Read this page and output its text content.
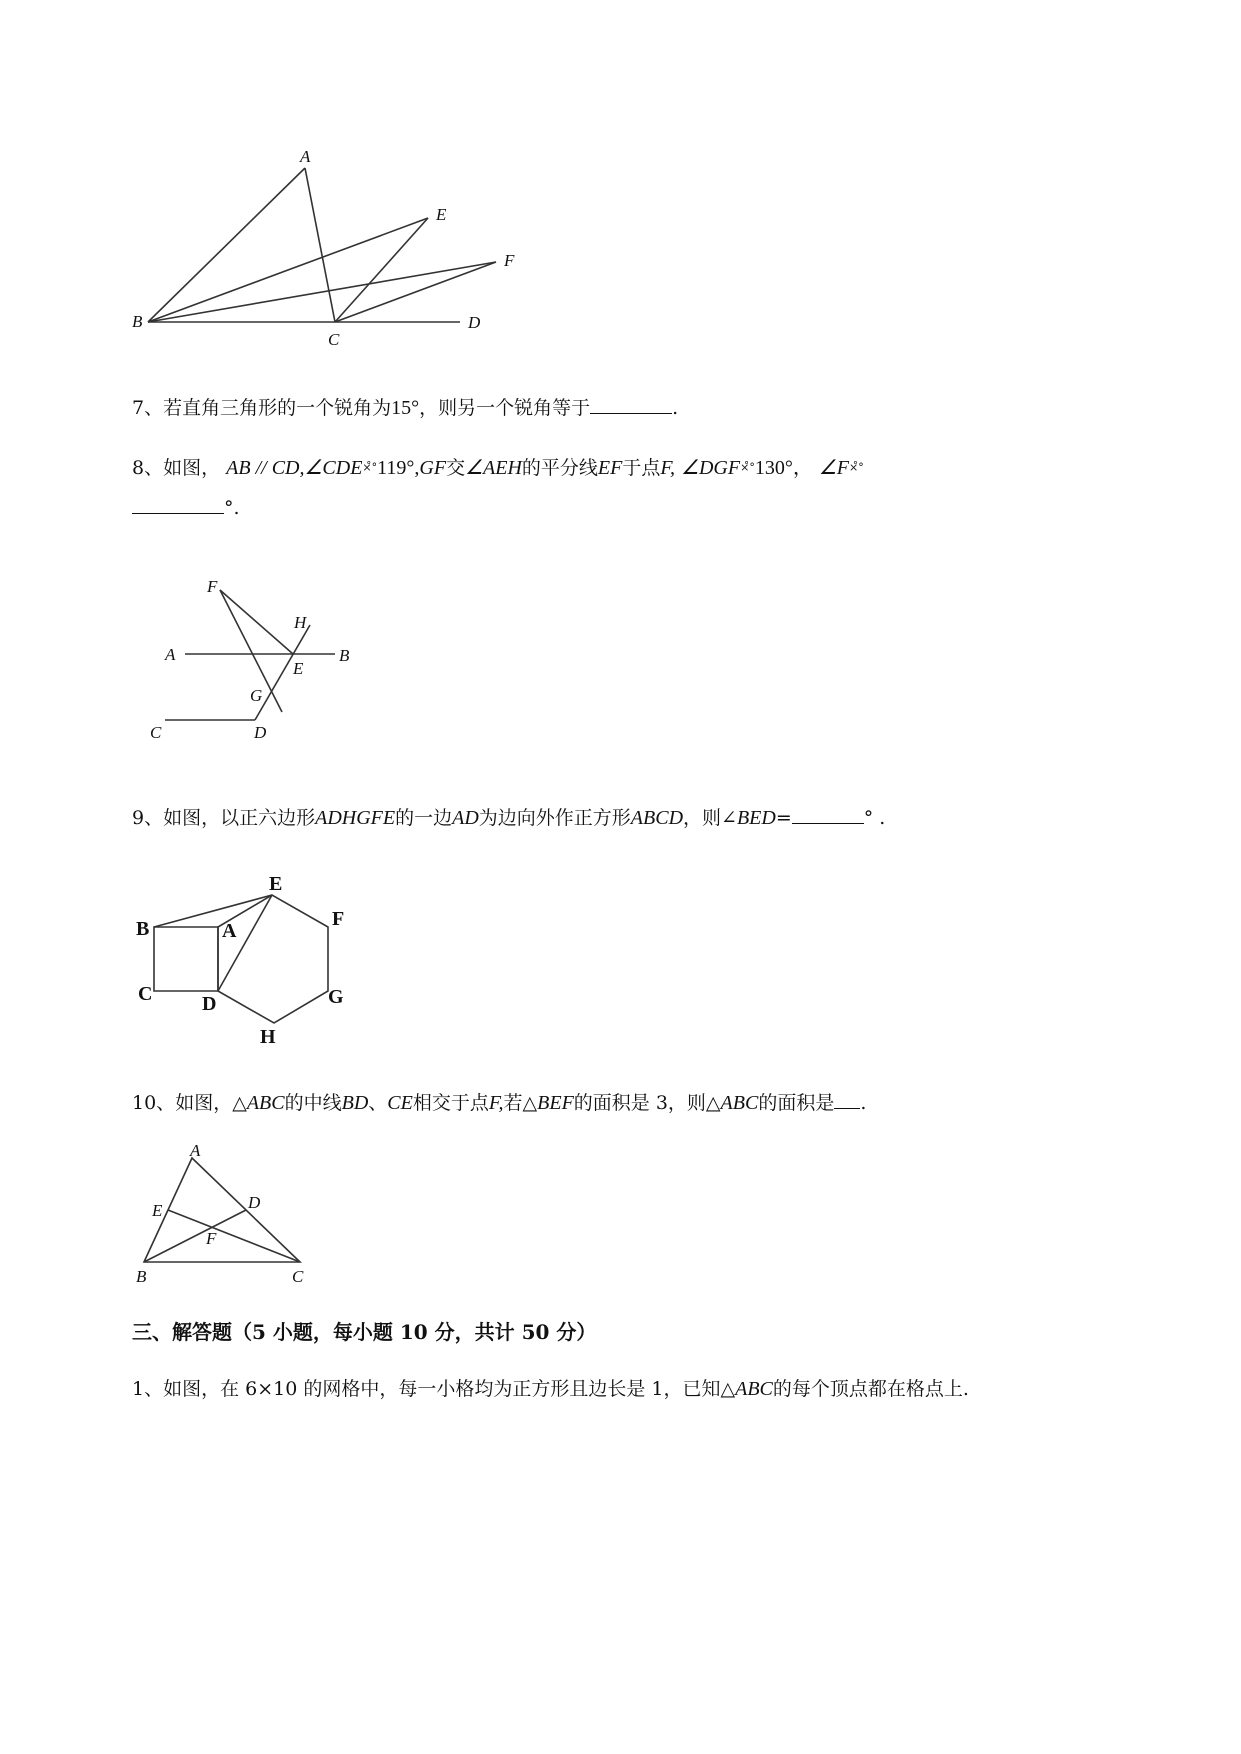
A
B
C
D
E
F
7、若直角三角形的一个锐角为15°，则另一个锐角等于	.
8、如图， AB // CD,∠CDE×̊°119°,GF交∠AEH的平分线EF于点F, ∠DGF×̊°130°， ∠F×̊°
°.
F
H
A	B
E
G
C	D
9、如图，以正六边形ADHGFE的一边AD为边向外作正方形ABCD，则∠BED=	° .
E
B	A
F
C D	G
H
10、如图，△ABC的中线BD、CE相交于点F,若△BEF的面积是 3，则△ABC的面积是 .
A
E	D
F
B	C
三、解答题（5 小题，每小题 10 分，共计 50 分）
1、如图，在 6×10 的网格中，每一小格均为正方形且边长是 1，已知△ABC的每个顶点都在格点上.
